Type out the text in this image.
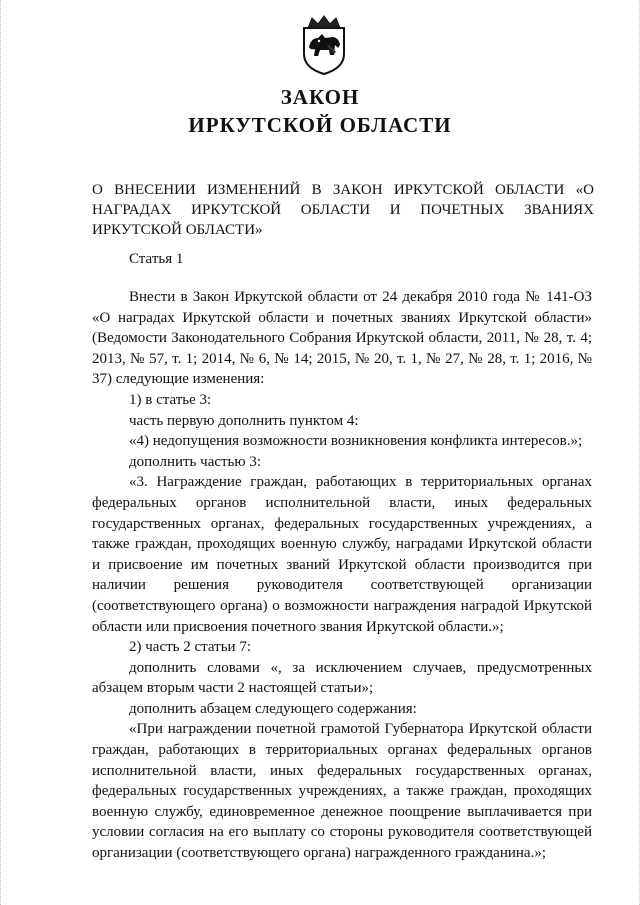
ЗАКОН
ИРКУТСКОЙ ОБЛАСТИ
О ВНЕСЕНИИ ИЗМЕНЕНИЙ В ЗАКОН ИРКУТСКОЙ ОБЛАСТИ «О НАГРАДАХ ИРКУТСКОЙ ОБЛАСТИ И ПОЧЕТНЫХ ЗВАНИЯХ ИРКУТСКОЙ ОБЛАСТИ»
Статья 1

Внести в Закон Иркутской области от 24 декабря 2010 года № 141-ОЗ «О наградах Иркутской области и почетных званиях Иркутской области» (Ведомости Законодательного Собрания Иркутской области, 2011, № 28, т. 4; 2013, № 57, т. 1; 2014, № 6, № 14; 2015, № 20, т. 1, № 27, № 28, т. 1; 2016, № 37) следующие изменения:

1) в статье 3:

часть первую дополнить пунктом 4:

«4) недопущения возможности возникновения конфликта интересов.»;

дополнить частью 3:

«3. Награждение граждан, работающих в территориальных органах федеральных органов исполнительной власти, иных федеральных государственных органах, федеральных государственных учреждениях, а также граждан, проходящих военную службу, наградами Иркутской области и присвоение им почетных званий Иркутской области производится при наличии решения руководителя соответствующей организации (соответствующего органа) о возможности награждения наградой Иркутской области или присвоения почетного звания Иркутской области.»;

2) часть 2 статьи 7:

дополнить словами «, за исключением случаев, предусмотренных абзацем вторым части 2 настоящей статьи»;

дополнить абзацем следующего содержания:

«При награждении почетной грамотой Губернатора Иркутской области граждан, работающих в территориальных органах федеральных органов исполнительной власти, иных федеральных государственных органах, федеральных государственных учреждениях, а также граждан, проходящих военную службу, единовременное денежное поощрение выплачивается при условии согласия на его выплату со стороны руководителя соответствующей организации (соответствующего органа) награжденного гражданина.»;
